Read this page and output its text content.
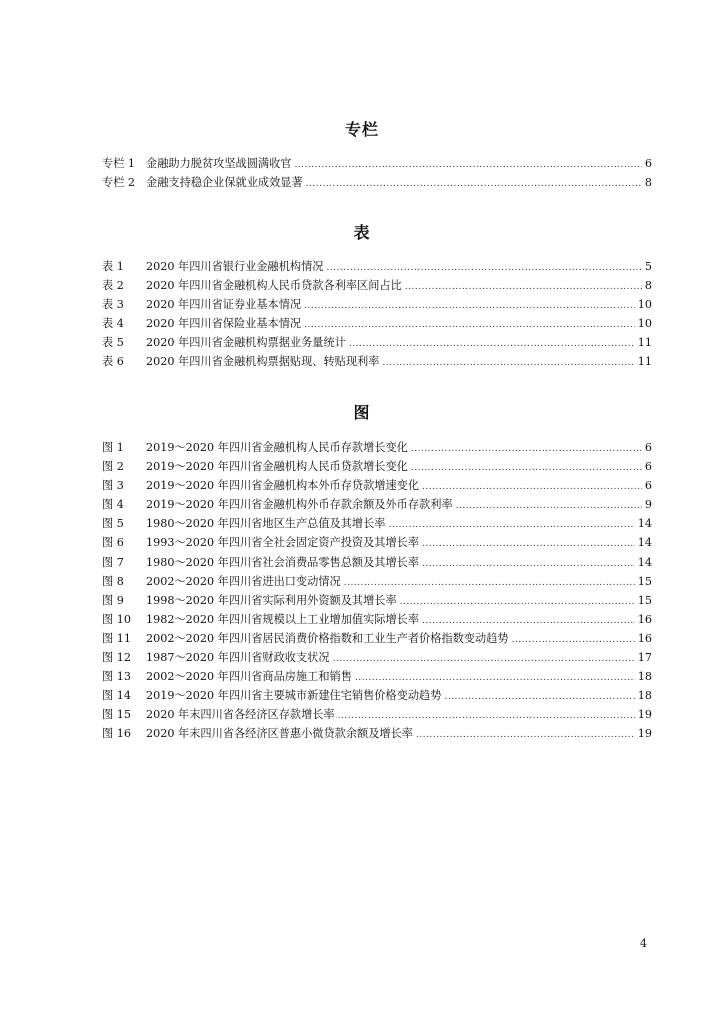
专栏
专栏 1 金融助力脱贫攻坚战圆满收官 .....	6
专栏 2 金融支持稳企业保就业成效显著 .....	8
表
表 1	2020 年四川省银行业金融机构情况 .....	5
表 2	2020 年四川省金融机构人民币贷款各利率区间占比 .....	8
表 3	2020 年四川省证券业基本情况 .....	10
表 4	2020 年四川省保险业基本情况 .....	10
表 5	2020 年四川省金融机构票据业务量统计 .....	11
表 6	2020 年四川省金融机构票据贴现、转贴现利率 .....	11
图
图 1	2019～2020 年四川省金融机构人民币存款增长变化 .....	6
图 2	2019～2020 年四川省金融机构人民币贷款增长变化 .....	6
图 3	2019～2020 年四川省金融机构本外币存贷款增速变化 .....	6
图 4	2019～2020 年四川省金融机构外币存款余额及外币存款利率 .....	9
图 5	1980～2020 年四川省地区生产总值及其增长率 .....	14
图 6	1993～2020 年四川省全社会固定资产投资及其增长率 .....	14
图 7	1980～2020 年四川省社会消费品零售总额及其增长率 .....	14
图 8	2002～2020 年四川省进出口变动情况 .....	15
图 9	1998～2020 年四川省实际利用外资额及其增长率 .....	15
图 10	1982～2020 年四川省规模以上工业增加值实际增长率 .....	16
图 11	2002～2020 年四川省居民消费价格指数和工业生产者价格指数变动趋势 .....	16
图 12	1987～2020 年四川省财政收支状况 .....	17
图 13	2002～2020 年四川省商品房施工和销售 .....	18
图 14	2019～2020 年四川省主要城市新建住宅销售价格变动趋势 .....	18
图 15	2020 年末四川省各经济区存款增长率 .....	19
图 16	2020 年末四川省各经济区普惠小微贷款余额及增长率 .....	19
4
